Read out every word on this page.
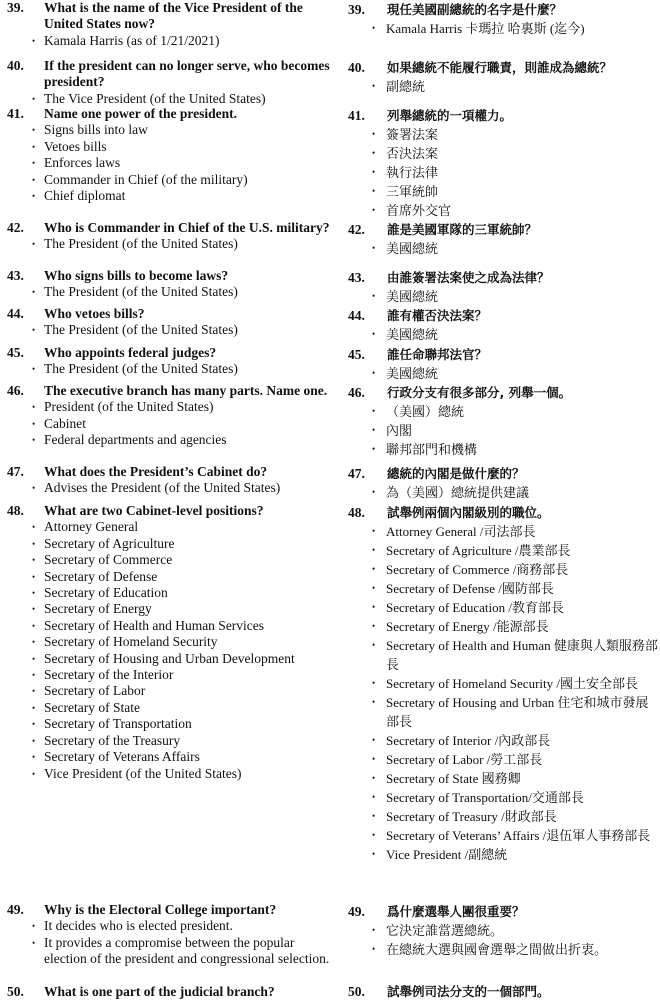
39. What is the name of the Vice President of the United States now?

• Kamala Harris (as of 1/21/2021)
40. If the president can no longer serve, who becomes president?

• The Vice President (of the United States)
41. Name one power of the president.

• Signs bills into law
• Vetoes bills
• Enforces laws
• Commander in Chief (of the military)
• Chief diplomat
42. Who is Commander in Chief of the U.S. military?

• The President (of the United States)
43. Who signs bills to become laws?

• The President (of the United States)
44. Who vetoes bills?

• The President (of the United States)
45. Who appoints federal judges?

• The President (of the United States)
46. The executive branch has many parts. Name one.

• President (of the United States)
• Cabinet
• Federal departments and agencies
47. What does the President’s Cabinet do?

• Advises the President (of the United States)
48. What are two Cabinet-level positions?

• Attorney General
• Secretary of Agriculture
• Secretary of Commerce
• Secretary of Defense
• Secretary of Education
• Secretary of Energy
• Secretary of Health and Human Services
• Secretary of Homeland Security
• Secretary of Housing and Urban Development
• Secretary of the Interior
• Secretary of Labor
• Secretary of State
• Secretary of Transportation
• Secretary of the Treasury
• Secretary of Veterans Affairs
• Vice President (of the United States)
49. Why is the Electoral College important?

• It decides who is elected president.
• It provides a compromise between the popular election of the president and congressional selection.
50. What is one part of the judicial branch?

39. 現任美國副總統的名字是什麼？

• Kamala Harris 卡瑪拉 哈裏斯 (迄今)
40. 如果總統不能履行職責，則誰成為總統？

• 副總統
41. 列舉總統的一項權力。

• 簽署法案
• 否決法案
• 執行法律
• 三軍統帥
• 首席外交官
42. 誰是美國軍隊的三軍統帥？

• 美國總統
43. 由誰簽署法案使之成為法律？

• 美國總統
44. 誰有權否決法案？

• 美國總統
45. 誰任命聯邦法官？

• 美國總統
46. 行政分支有很多部分, 列舉一個。

• （美國）總統
• 內閣
• 聯邦部門和機構
47. 總統的內閣是做什麼的？

• 為（美國）總統提供建議
48. 試舉例兩個內閣級別的職位。

• Attorney General /司法部長
• Secretary of Agriculture /農業部長
• Secretary of Commerce /商務部長
• Secretary of Defense /國防部長
• Secretary of Education /教育部長
• Secretary of Energy /能源部長
• Secretary of Health and Human 健康與人類服務部長
• Secretary of Homeland Security /國土安全部長
• Secretary of Housing and Urban 住宅和城市發展部長
• Secretary of Interior /內政部長
• Secretary of Labor /勞工部長
• Secretary of State 國務卿
• Secretary of Transportation/交通部長
• Secretary of Treasury /財政部長
• Secretary of Veterans’ Affairs /退伍軍人事務部長
• Vice President /副總統
49. 爲什麼選舉人團很重要？

• 它決定誰當選總統。
• 在總統大選與國會選舉之間做出折衷。
50. 試舉例司法分支的一個部門。
